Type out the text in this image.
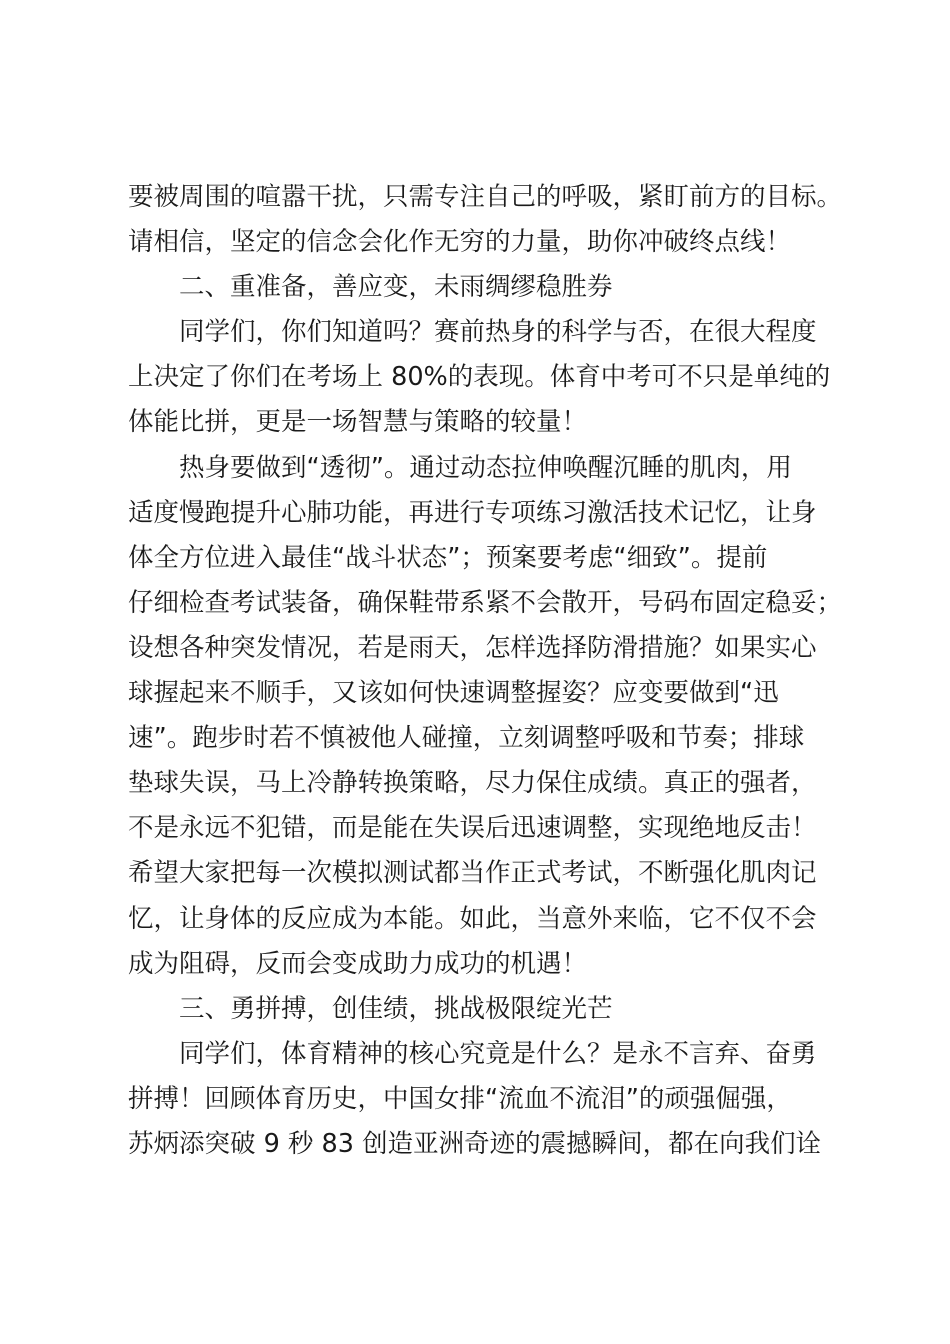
要被周围的喧嚣干扰，只需专注自己的呼吸，紧盯前方的目标。
请相信，坚定的信念会化作无穷的力量，助你冲破终点线！
二、重准备，善应变，未雨绸缪稳胜券
同学们，你们知道吗？赛前热身的科学与否，在很大程度
上决定了你们在考场上 80%的表现。体育中考可不只是单纯的
体能比拼，更是一场智慧与策略的较量！
热身要做到“透彻”。通过动态拉伸唤醒沉睡的肌肉，用
适度慢跑提升心肺功能，再进行专项练习激活技术记忆，让身
体全方位进入最佳“战斗状态”；预案要考虑“细致”。提前
仔细检查考试装备，确保鞋带系紧不会散开，号码布固定稳妥；
设想各种突发情况，若是雨天，怎样选择防滑措施？如果实心
球握起来不顺手，又该如何快速调整握姿？应变要做到“迅
速”。跑步时若不慎被他人碰撞，立刻调整呼吸和节奏；排球
垫球失误，马上冷静转换策略，尽力保住成绩。真正的强者，
不是永远不犯错，而是能在失误后迅速调整，实现绝地反击！
希望大家把每一次模拟测试都当作正式考试，不断强化肌肉记
忆，让身体的反应成为本能。如此，当意外来临，它不仅不会
成为阻碍，反而会变成助力成功的机遇！
三、勇拼搏，创佳绩，挑战极限绽光芒
同学们，体育精神的核心究竟是什么？是永不言弃、奋勇
拼搏！回顾体育历史，中国女排“流血不流泪”的顽强倔强，
苏炳添突破 9 秒 83 创造亚洲奇迹的震撼瞬间，都在向我们诠
